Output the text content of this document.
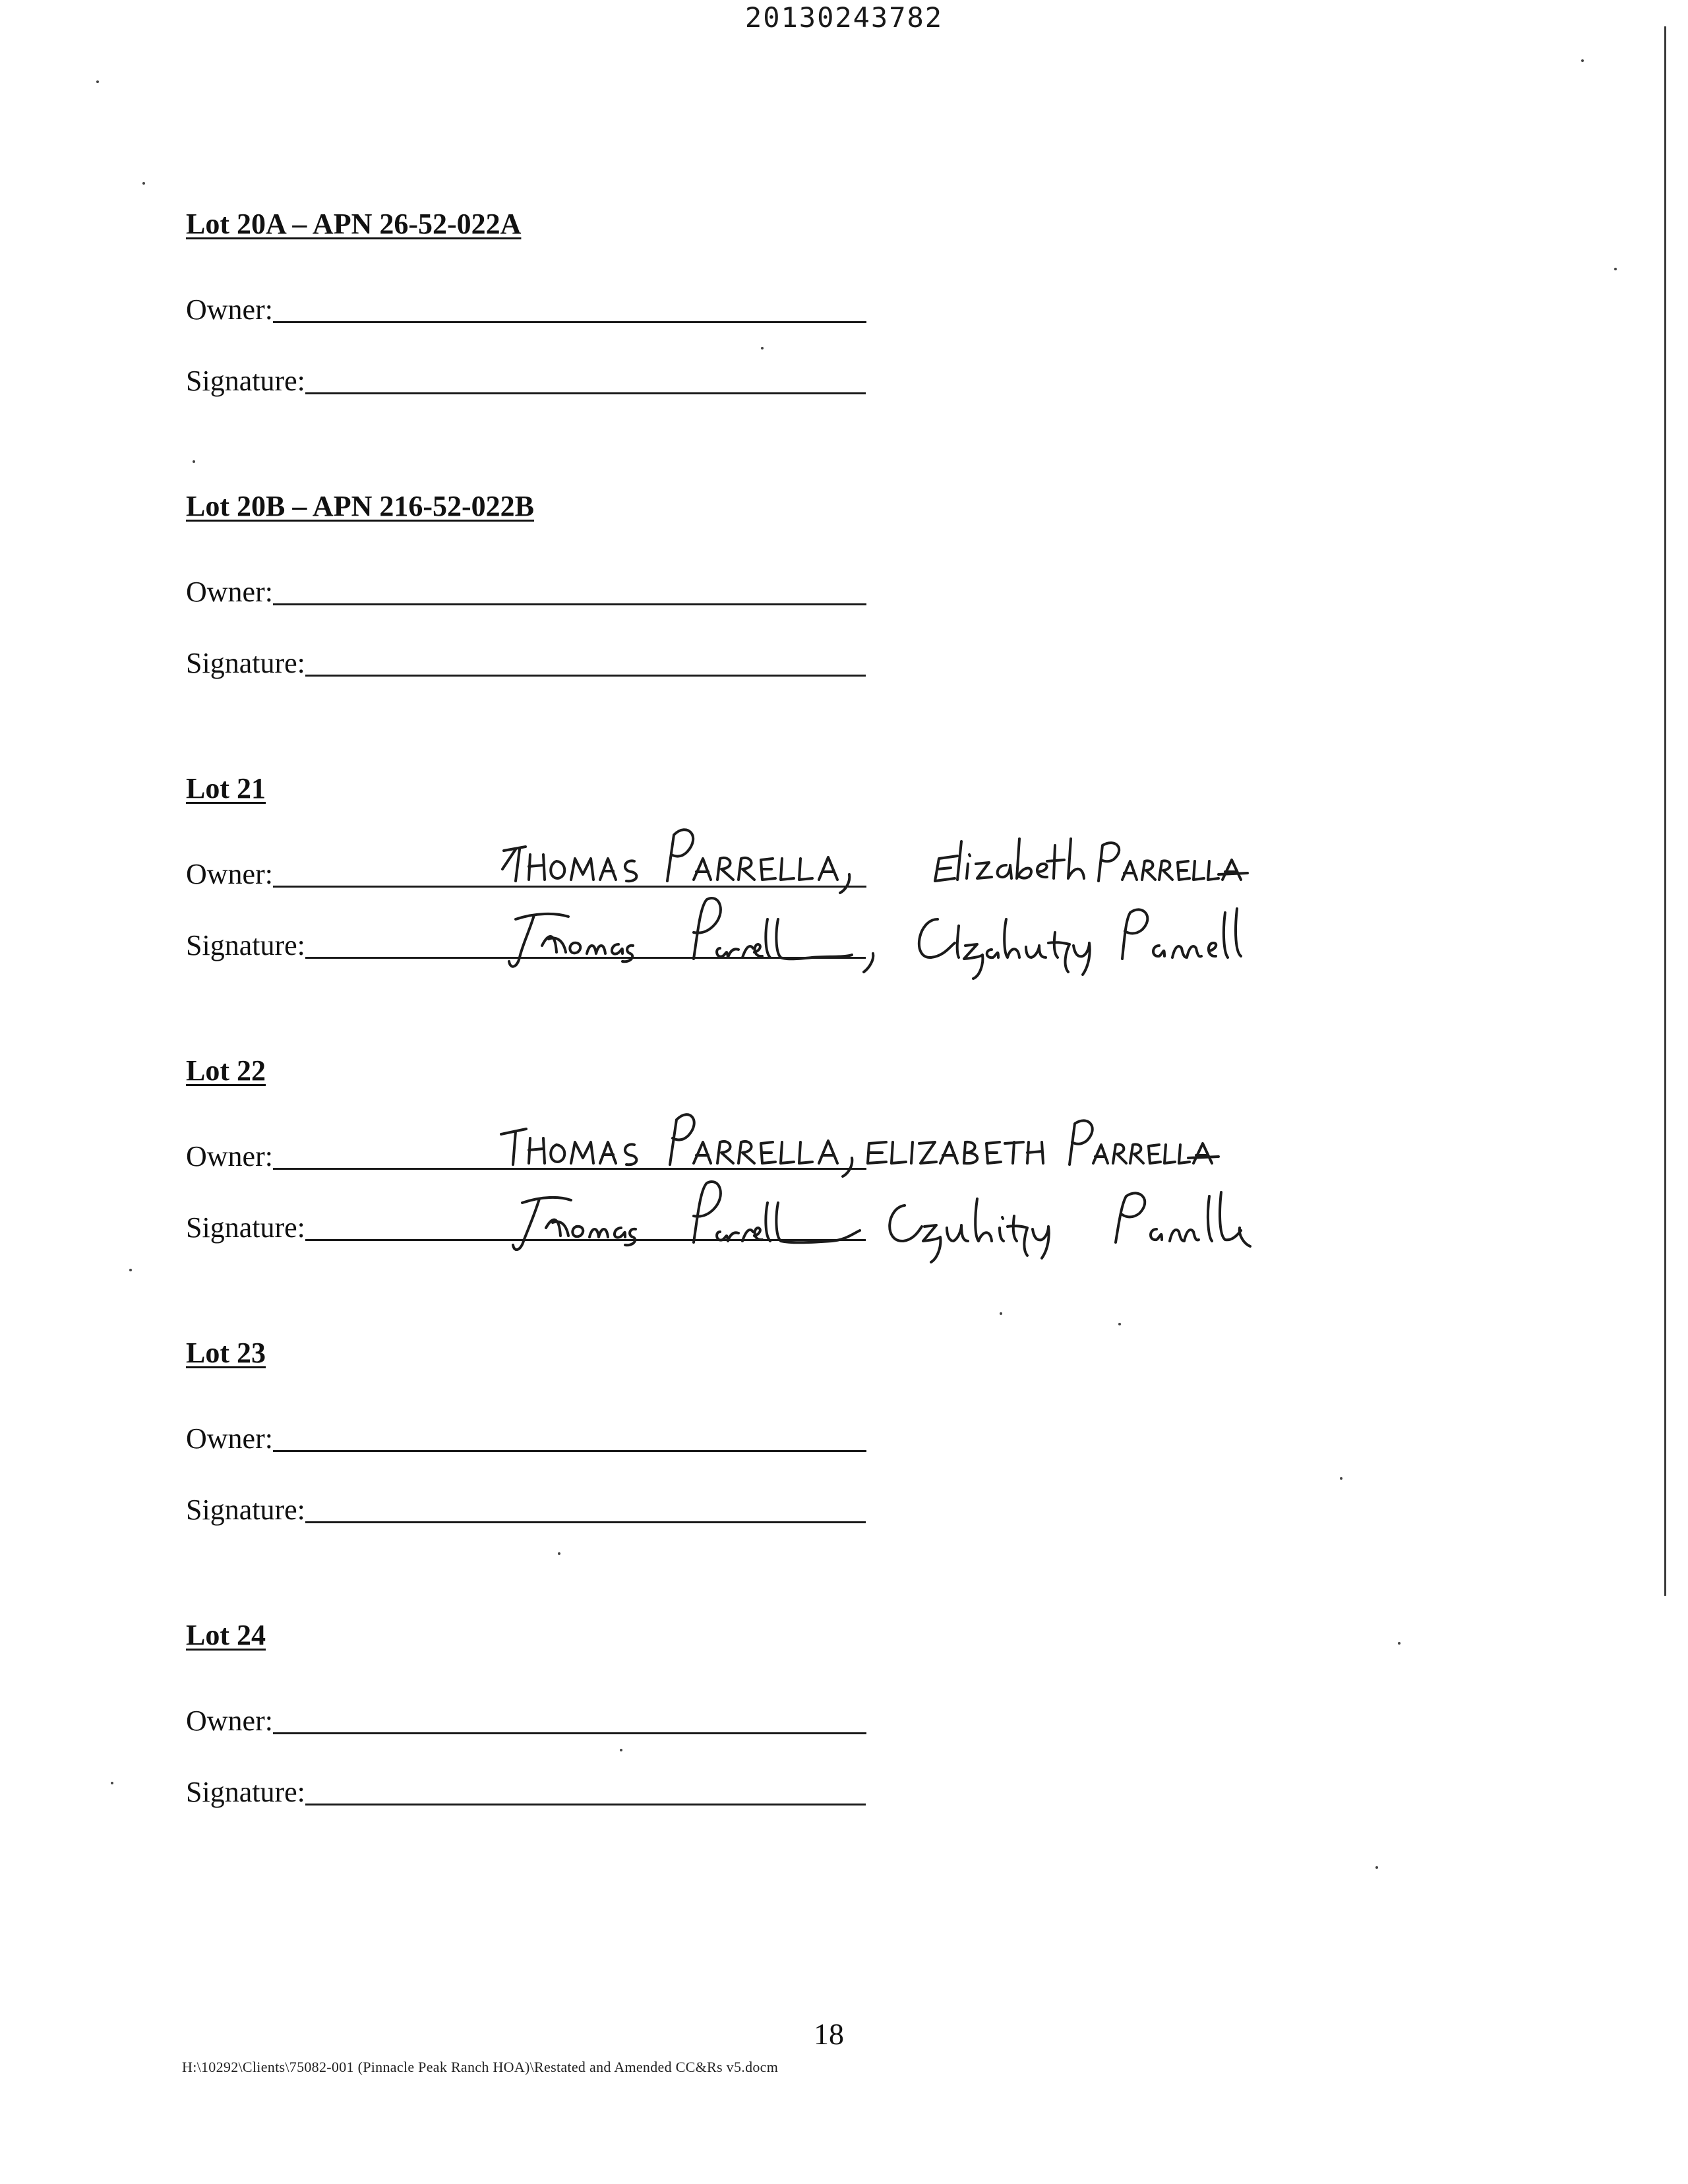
20130243782
Lot 20A – APN 26-52-022A
Owner:
Signature:
Lot 20B – APN 216-52-022B
Owner:
Signature:
Lot 21
Owner:
Signature:
Lot 22
Owner:
Signature:
Lot 23
Owner:
Signature:
Lot 24
Owner:
Signature:
18
H:\10292\Clients\75082-001 (Pinnacle Peak Ranch HOA)\Restated and Amended CC&Rs v5.docm
